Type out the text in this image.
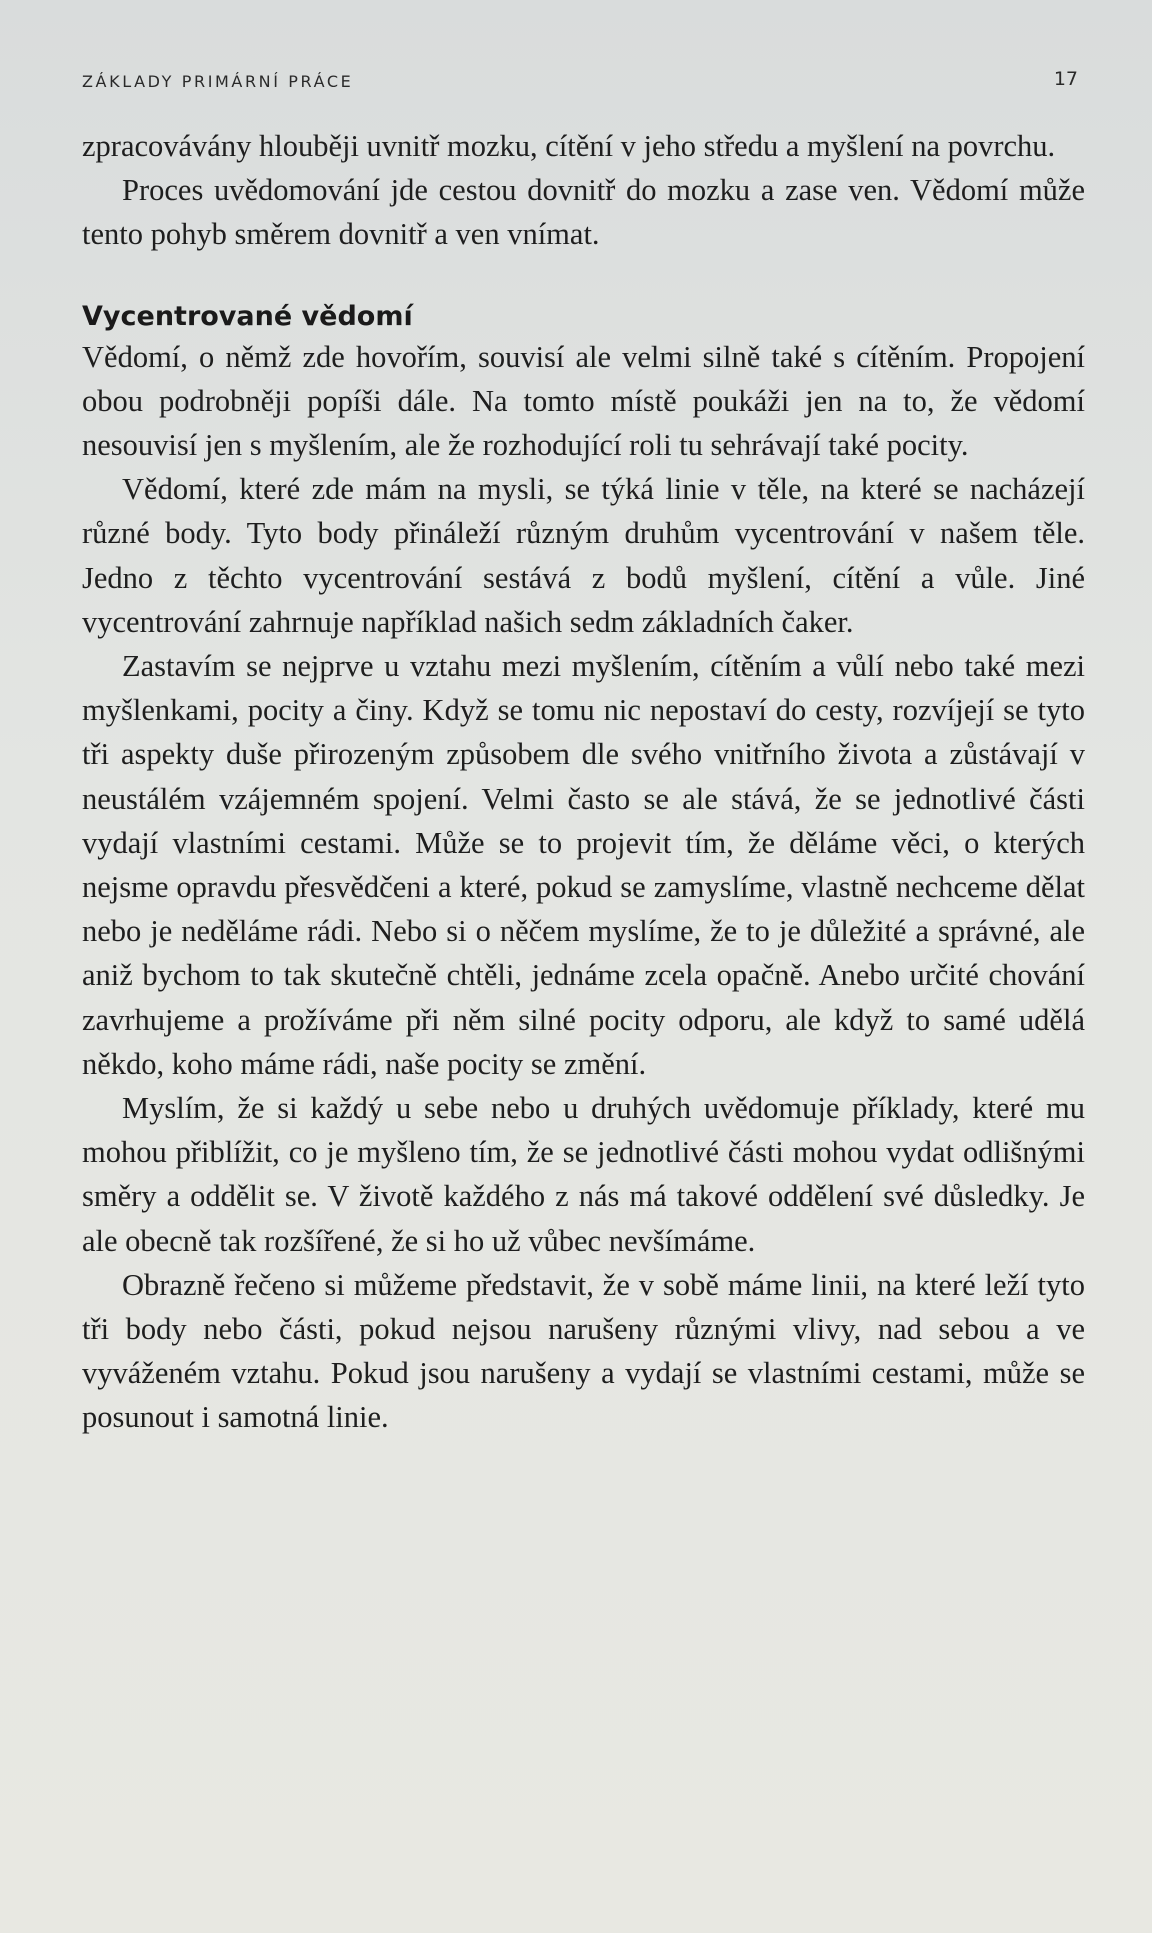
ZÁKLADY PRIMÁRNÍ PRÁCE	17

zpracovávány hlouběji uvnitř mozku, cítění v jeho středu a myšlení na povrchu.

Proces uvědomování jde cestou dovnitř do mozku a zase ven. Vědomí může tento pohyb směrem dovnitř a ven vnímat.

Vycentrované vědomí

Vědomí, o němž zde hovořím, souvisí ale velmi silně také s cítěním. Propojení obou podrobněji popíši dále. Na tomto místě poukáži jen na to, že vědomí nesouvisí jen s myšlením, ale že rozhodující roli tu sehrávají také pocity.

Vědomí, které zde mám na mysli, se týká linie v těle, na které se nacházejí různé body. Tyto body přináleží různým druhům vycentrování v našem těle. Jedno z těchto vycentrování sestává z bodů myšlení, cítění a vůle. Jiné vycentrování zahrnuje například našich sedm základních čaker.

Zastavím se nejprve u vztahu mezi myšlením, cítěním a vůlí nebo také mezi myšlenkami, pocity a činy. Když se tomu nic nepostaví do cesty, rozvíjejí se tyto tři aspekty duše přirozeným způsobem dle svého vnitřního života a zůstávají v neustálém vzájemném spojení. Velmi často se ale stává, že se jednotlivé části vydají vlastními cestami. Může se to projevit tím, že děláme věci, o kterých nejsme opravdu přesvědčeni a které, pokud se zamyslíme, vlastně nechceme dělat nebo je neděláme rádi. Nebo si o něčem myslíme, že to je důležité a správné, ale aniž bychom to tak skutečně chtěli, jednáme zcela opačně. Anebo určité chování zavrhujeme a prožíváme při něm silné pocity odporu, ale když to samé udělá někdo, koho máme rádi, naše pocity se změní.

Myslím, že si každý u sebe nebo u druhých uvědomuje příklady, které mu mohou přiblížit, co je myšleno tím, že se jednotlivé části mohou vydat odlišnými směry a oddělit se. V životě každého z nás má takové oddělení své důsledky. Je ale obecně tak rozšířené, že si ho už vůbec nevšímáme.

Obrazně řečeno si můžeme představit, že v sobě máme linii, na které leží tyto tři body nebo části, pokud nejsou narušeny různými vlivy, nad sebou a ve vyváženém vztahu. Pokud jsou narušeny a vydají se vlastními cestami, může se posunout i samotná linie.
